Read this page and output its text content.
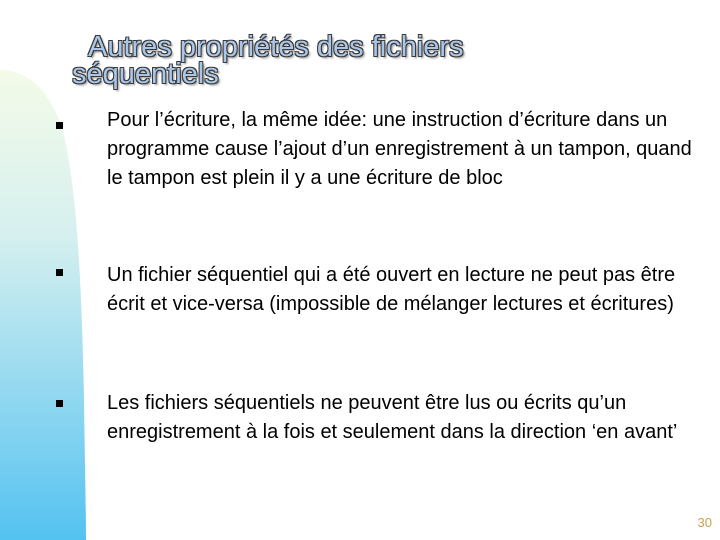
Autres propriétés des fichiers
séquentiels
Pour l’écriture, la même idée: une instruction d’écriture dans un programme cause l’ajout d’un enregistrement à un tampon, quand le tampon est plein il y a une écriture de bloc
Un fichier séquentiel qui a été ouvert en lecture ne peut pas être écrit et vice-versa (impossible de mélanger lectures et écritures)
Les fichiers séquentiels ne peuvent être lus ou écrits qu’un enregistrement à la fois et seulement dans la direction ‘en avant’
30
